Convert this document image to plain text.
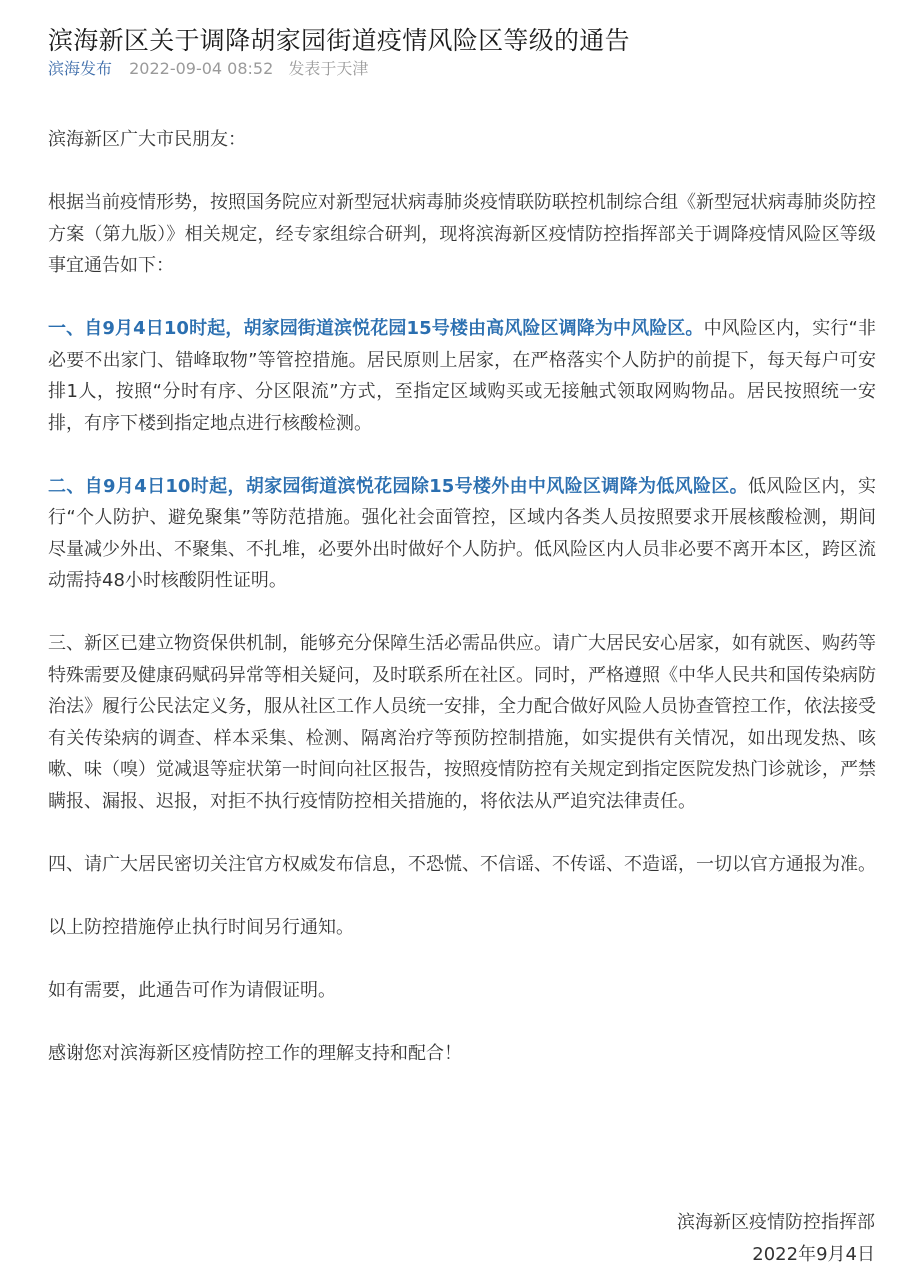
滨海新区关于调降胡家园街道疫情风险区等级的通告
滨海发布 2022-09-04 08:52 发表于天津

滨海新区广大市民朋友：

根据当前疫情形势，按照国务院应对新型冠状病毒肺炎疫情联防联控机制综合组《新型冠状病毒肺炎防控方案（第九版）》相关规定，经专家组综合研判，现将滨海新区疫情防控指挥部关于调降疫情风险区等级事宜通告如下：

一、自9月4日10时起，胡家园街道滨悦花园15号楼由高风险区调降为中风险区。中风险区内，实行“非必要不出家门、错峰取物”等管控措施。居民原则上居家，在严格落实个人防护的前提下，每天每户可安排1人，按照“分时有序、分区限流”方式，至指定区域购买或无接触式领取网购物品。居民按照统一安排，有序下楼到指定地点进行核酸检测。

二、自9月4日10时起，胡家园街道滨悦花园除15号楼外由中风险区调降为低风险区。低风险区内，实行“个人防护、避免聚集”等防范措施。强化社会面管控，区域内各类人员按照要求开展核酸检测，期间尽量减少外出、不聚集、不扎堆，必要外出时做好个人防护。低风险区内人员非必要不离开本区，跨区流动需持48小时核酸阴性证明。

三、新区已建立物资保供机制，能够充分保障生活必需品供应。请广大居民安心居家，如有就医、购药等特殊需要及健康码赋码异常等相关疑问，及时联系所在社区。同时，严格遵照《中华人民共和国传染病防治法》履行公民法定义务，服从社区工作人员统一安排，全力配合做好风险人员协查管控工作，依法接受有关传染病的调查、样本采集、检测、隔离治疗等预防控制措施，如实提供有关情况，如出现发热、咳嗽、味（嗅）觉减退等症状第一时间向社区报告，按照疫情防控有关规定到指定医院发热门诊就诊，严禁瞒报、漏报、迟报，对拒不执行疫情防控相关措施的，将依法从严追究法律责任。

四、请广大居民密切关注官方权威发布信息，不恐慌、不信谣、不传谣、不造谣，一切以官方通报为准。

以上防控措施停止执行时间另行通知。

如有需要，此通告可作为请假证明。

感谢您对滨海新区疫情防控工作的理解支持和配合！

滨海新区疫情防控指挥部
2022年9月4日
